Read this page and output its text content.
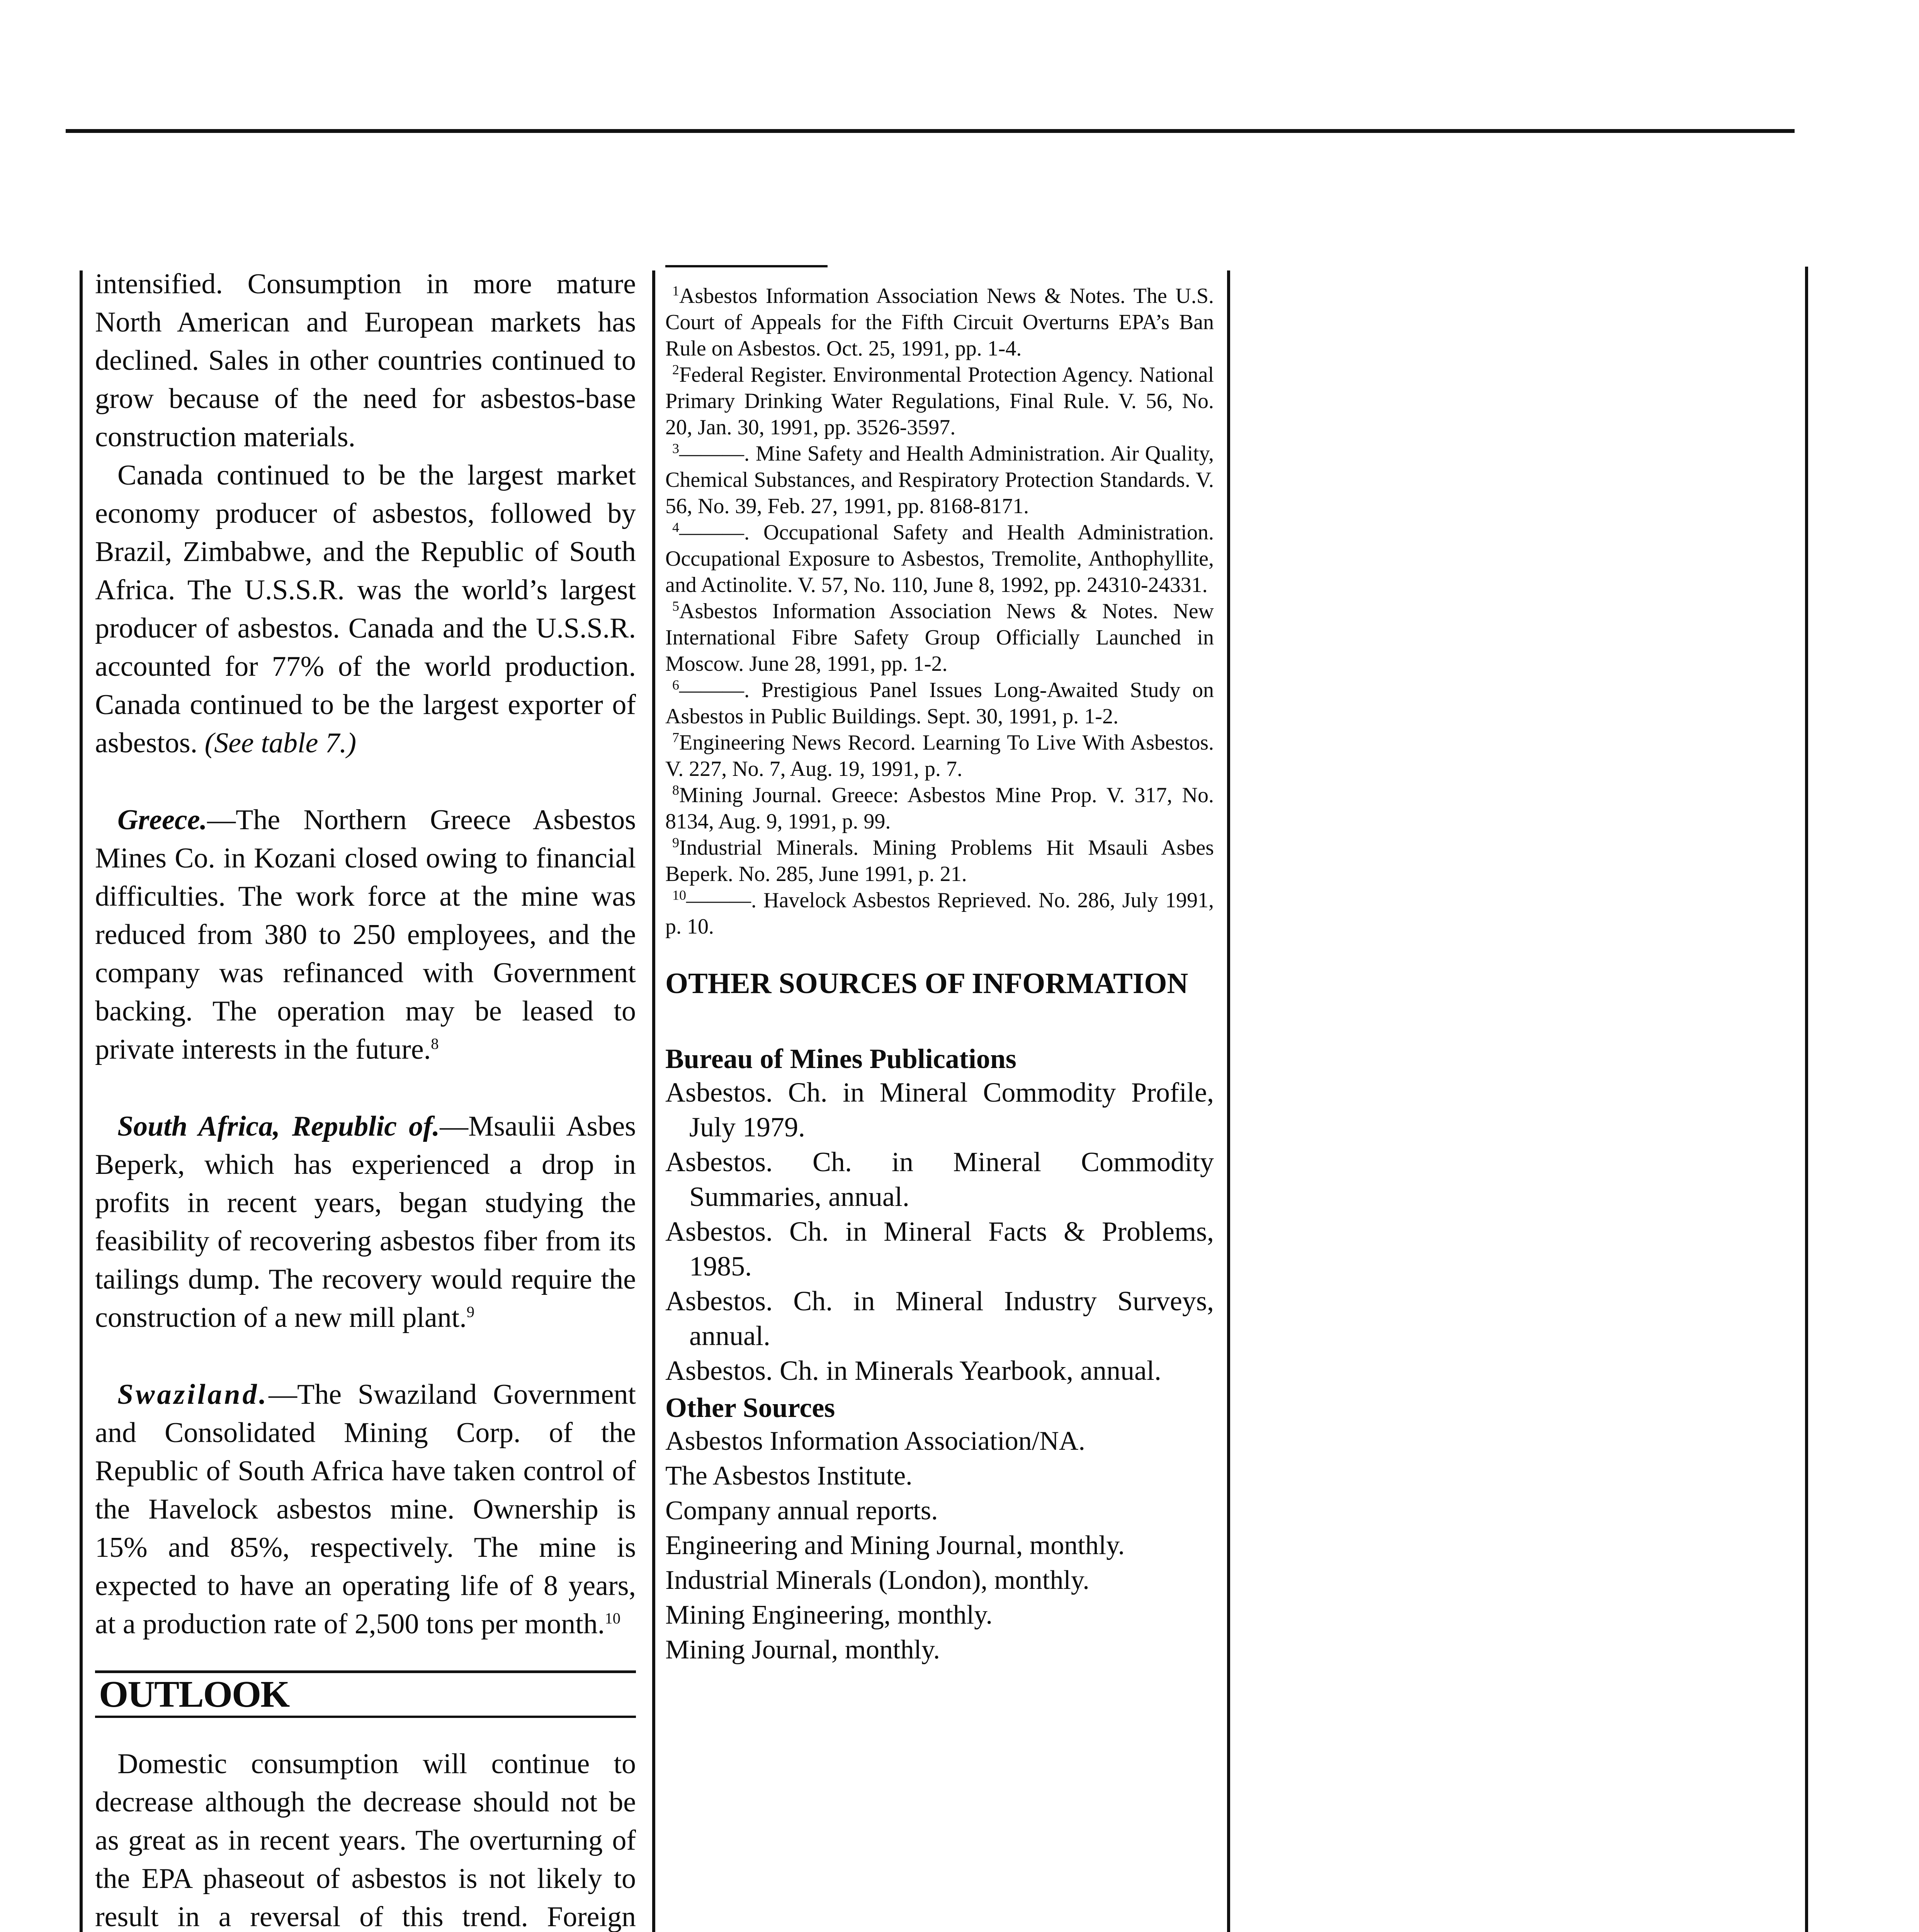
intensified. Consumption in more mature North American and European markets has declined. Sales in other countries continued to grow because of the need for asbestos-base construction materials.

Canada continued to be the largest market economy producer of asbestos, followed by Brazil, Zimbabwe, and the Republic of South Africa. The U.S.S.R. was the world’s largest producer of asbestos. Canada and the U.S.S.R. accounted for 77% of the world production. Canada continued to be the largest exporter of asbestos. (See table 7.)

Greece.—The Northern Greece Asbestos Mines Co. in Kozani closed owing to financial difficulties. The work force at the mine was reduced from 380 to 250 employees, and the company was refinanced with Government backing. The operation may be leased to private interests in the future.$^8$

South Africa, Republic of.—Msaulii Asbes Beperk, which has experienced a drop in profits in recent years, began studying the feasibility of recovering asbestos fiber from its tailings dump. The recovery would require the construction of a new mill plant.$^9$

Swaziland.—The Swaziland Government and Consolidated Mining Corp. of the Republic of South Africa have taken control of the Havelock asbestos mine. Ownership is 15% and 85%, respectively. The mine is expected to have an operating life of 8 years, at a production rate of 2,500 tons per month.$^{10}$

OUTLOOK

Domestic consumption will continue to decrease although the decrease should not be as great as in recent years. The overturning of the EPA phaseout of asbestos is not likely to result in a reversal of this trend. Foreign

$^1$Asbestos Information Association News & Notes. The U.S. Court of Appeals for the Fifth Circuit Overturns EPA’s Ban Rule on Asbestos. Oct. 25, 1991, pp. 1-4.
$^2$Federal Register. Environmental Protection Agency. National Primary Drinking Water Regulations, Final Rule. V. 56, No. 20, Jan. 30, 1991, pp. 3526-3597.
$^3$———. Mine Safety and Health Administration. Air Quality, Chemical Substances, and Respiratory Protection Standards. V. 56, No. 39, Feb. 27, 1991, pp. 8168-8171.
$^4$———. Occupational Safety and Health Administration. Occupational Exposure to Asbestos, Tremolite, Anthophyllite, and Actinolite. V. 57, No. 110, June 8, 1992, pp. 24310-24331.
$^5$Asbestos Information Association News & Notes. New International Fibre Safety Group Officially Launched in Moscow. June 28, 1991, pp. 1-2.
$^6$———. Prestigious Panel Issues Long-Awaited Study on Asbestos in Public Buildings. Sept. 30, 1991, p. 1-2.
$^7$Engineering News Record. Learning To Live With Asbestos. V. 227, No. 7, Aug. 19, 1991, p. 7.
$^8$Mining Journal. Greece: Asbestos Mine Prop. V. 317, No. 8134, Aug. 9, 1991, p. 99.
$^9$Industrial Minerals. Mining Problems Hit Msauli Asbes Beperk. No. 285, June 1991, p. 21.
$^{10}$———. Havelock Asbestos Reprieved. No. 286, July 1991, p. 10.

OTHER SOURCES OF INFORMATION

Bureau of Mines Publications

Asbestos. Ch. in Mineral Commodity Profile, July 1979.

Asbestos. Ch. in Mineral Commodity Summaries, annual.

Asbestos. Ch. in Mineral Facts & Problems, 1985.

Asbestos. Ch. in Mineral Industry Surveys, annual.

Asbestos. Ch. in Minerals Yearbook, annual.

Other Sources

Asbestos Information Association/NA.

The Asbestos Institute.

Company annual reports.

Engineering and Mining Journal, monthly.

Industrial Minerals (London), monthly.

Mining Engineering, monthly.

Mining Journal, monthly.
